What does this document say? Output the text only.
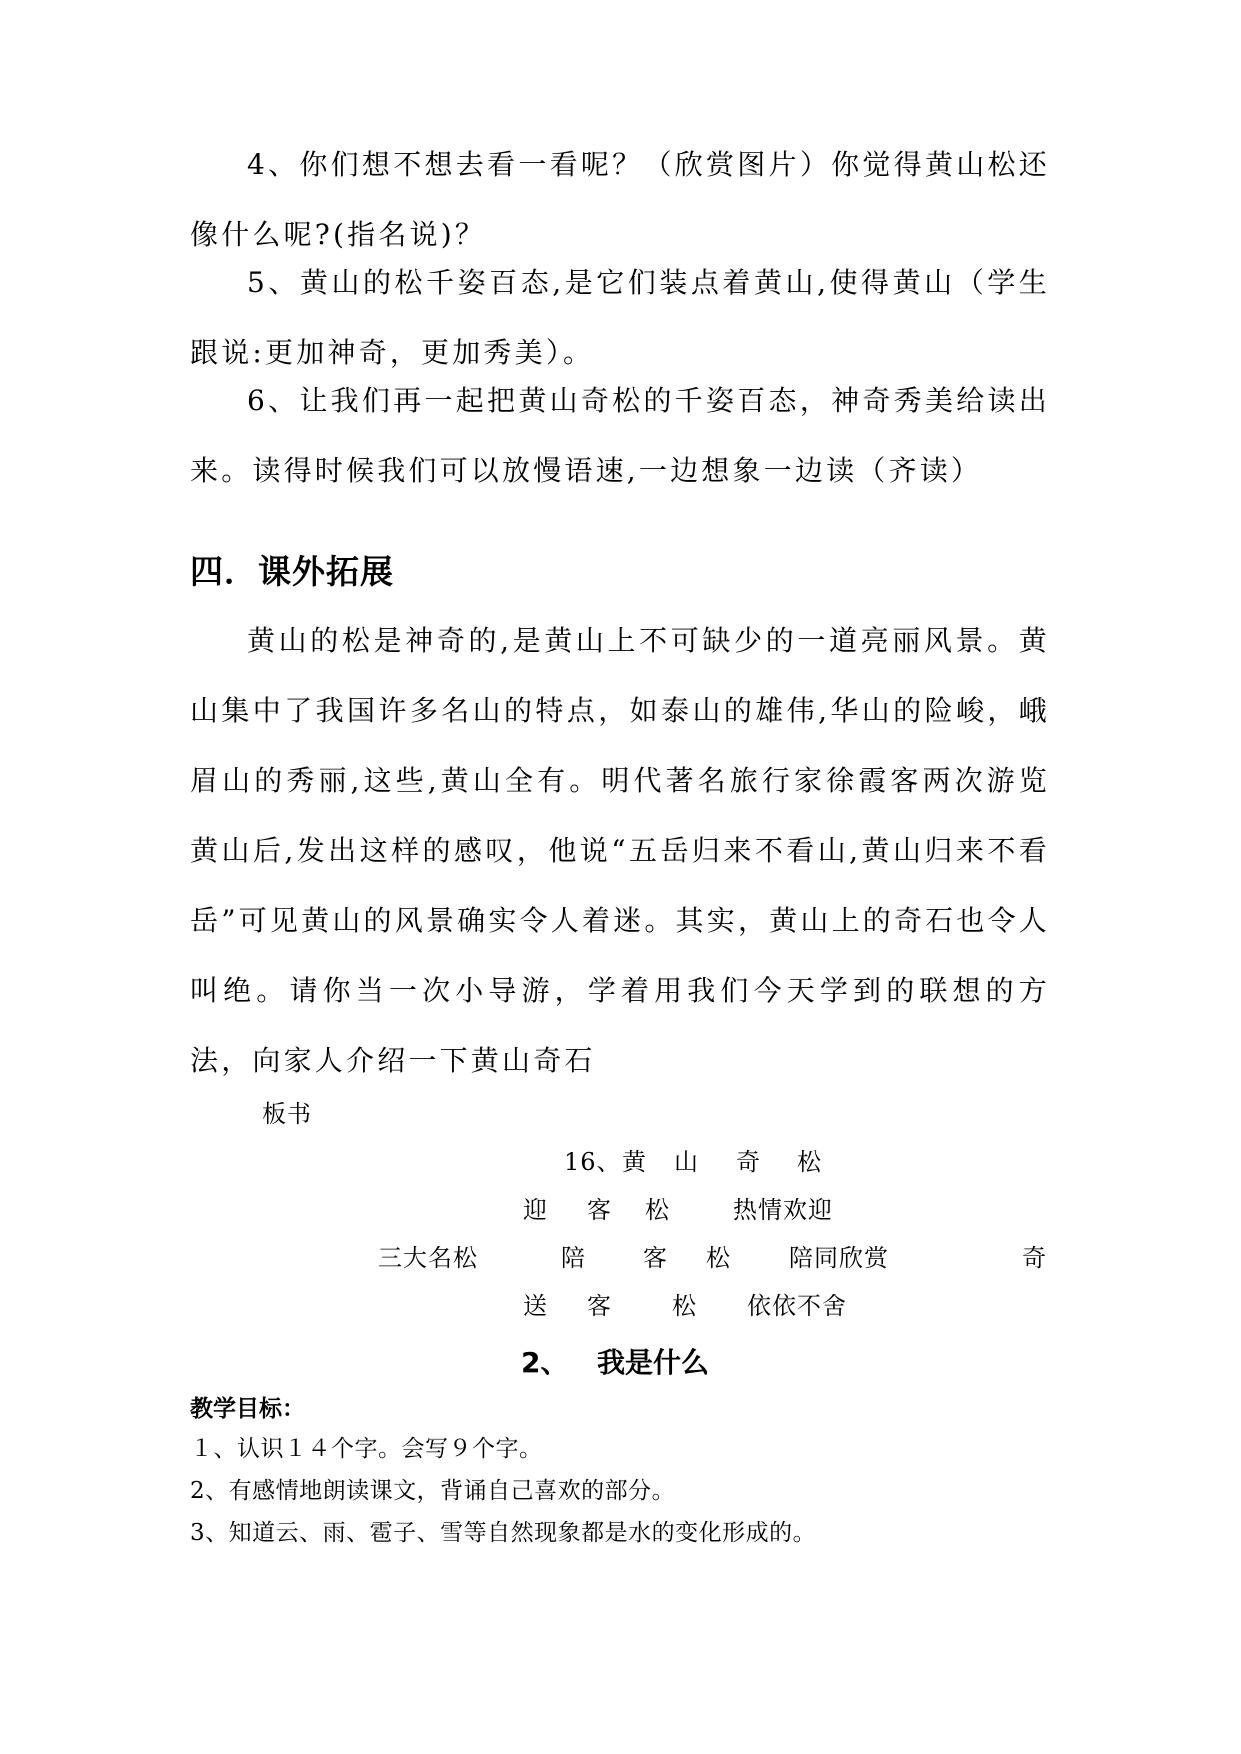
4、你们想不想去看一看呢？（欣赏图片）你觉得黄山松还像什么呢?(指名说)？

5、黄山的松千姿百态,是它们装点着黄山,使得黄山（学生跟说:更加神奇，更加秀美）。

6、让我们再一起把黄山奇松的千姿百态，神奇秀美给读出来。读得时候我们可以放慢语速,一边想象一边读（齐读）

四．课外拓展

黄山的松是神奇的,是黄山上不可缺少的一道亮丽风景。黄山集中了我国许多名山的特点，如泰山的雄伟,华山的险峻，峨眉山的秀丽,这些,黄山全有。明代著名旅行家徐霞客两次游览黄山后,发出这样的感叹，他说“五岳归来不看山,黄山归来不看岳”可见黄山的风景确实令人着迷。其实，黄山上的奇石也令人叫绝。请你当一次小导游，学着用我们今天学到的联想的方法，向家人介绍一下黄山奇石

板书
16、 黄 山 奇 松
迎 客 松	热情欢迎
三大名松	陪 客 松 陪同欣赏	奇
送 客	松 依依不舍
2、 我是什么

教学目标：

１、认识１４个字。会写９个字。

2、有感情地朗读课文，背诵自己喜欢的部分。

3、知道云、雨、雹子、雪等自然现象都是水的变化形成的。
